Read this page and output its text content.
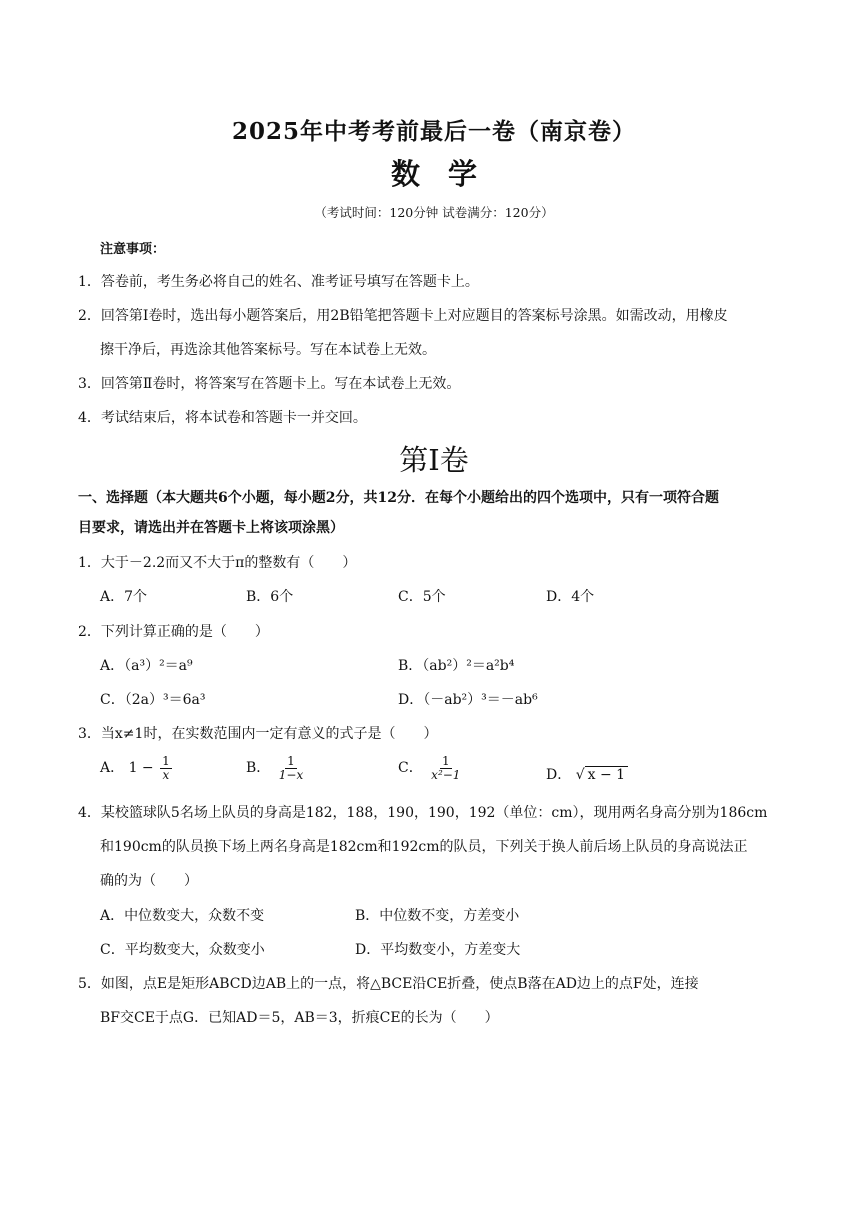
2025年中考考前最后一卷（南京卷）
数学
（考试时间：120分钟 试卷满分：120分）
注意事项：
1．答卷前，考生务必将自己的姓名、准考证号填写在答题卡上。
2．回答第Ⅰ卷时，选出每小题答案后，用2B铅笔把答题卡上对应题目的答案标号涂黑。如需改动，用橡皮
擦干净后，再选涂其他答案标号。写在本试卷上无效。
3．回答第Ⅱ卷时，将答案写在答题卡上。写在本试卷上无效。
4．考试结束后，将本试卷和答题卡一并交回。
第Ⅰ卷
一、选择题（本大题共6个小题，每小题2分，共12分．在每个小题给出的四个选项中，只有一项符合题
目要求，请选出并在答题卡上将该项涂黑）
1．大于－2.2而又不大于π的整数有（　　）
A．7个	B．6个	C．5个	D．4个
2．下列计算正确的是（　　）
A．（a³）²＝a⁹	B．（ab²）²＝a²b⁴
C．（2a）³＝6a³	D．（－ab²）³＝－ab⁶
3．当x≠1时，在实数范围内一定有意义的式子是（　　）
A． $1 - \frac{1}{x}$	B． $\frac{1}{1-x}$	C． $\frac{1}{\text{x²−1}}$	D． √ x − 1
4．某校篮球队5名场上队员的身高是182，188，190，190，192（单位：cm），现用两名身高分别为186cm
和190cm的队员换下场上两名身高是182cm和192cm的队员，下列关于换人前后场上队员的身高说法正
确的为（　　）
A．中位数变大，众数不变	B．中位数不变，方差变小
C．平均数变大，众数变小	D．平均数变小，方差变大
5．如图，点E是矩形ABCD边AB上的一点，将△BCE沿CE折叠，使点B落在AD边上的点F处，连接
BF交CE于点G．已知AD＝5，AB＝3，折痕CE的长为（　　）
